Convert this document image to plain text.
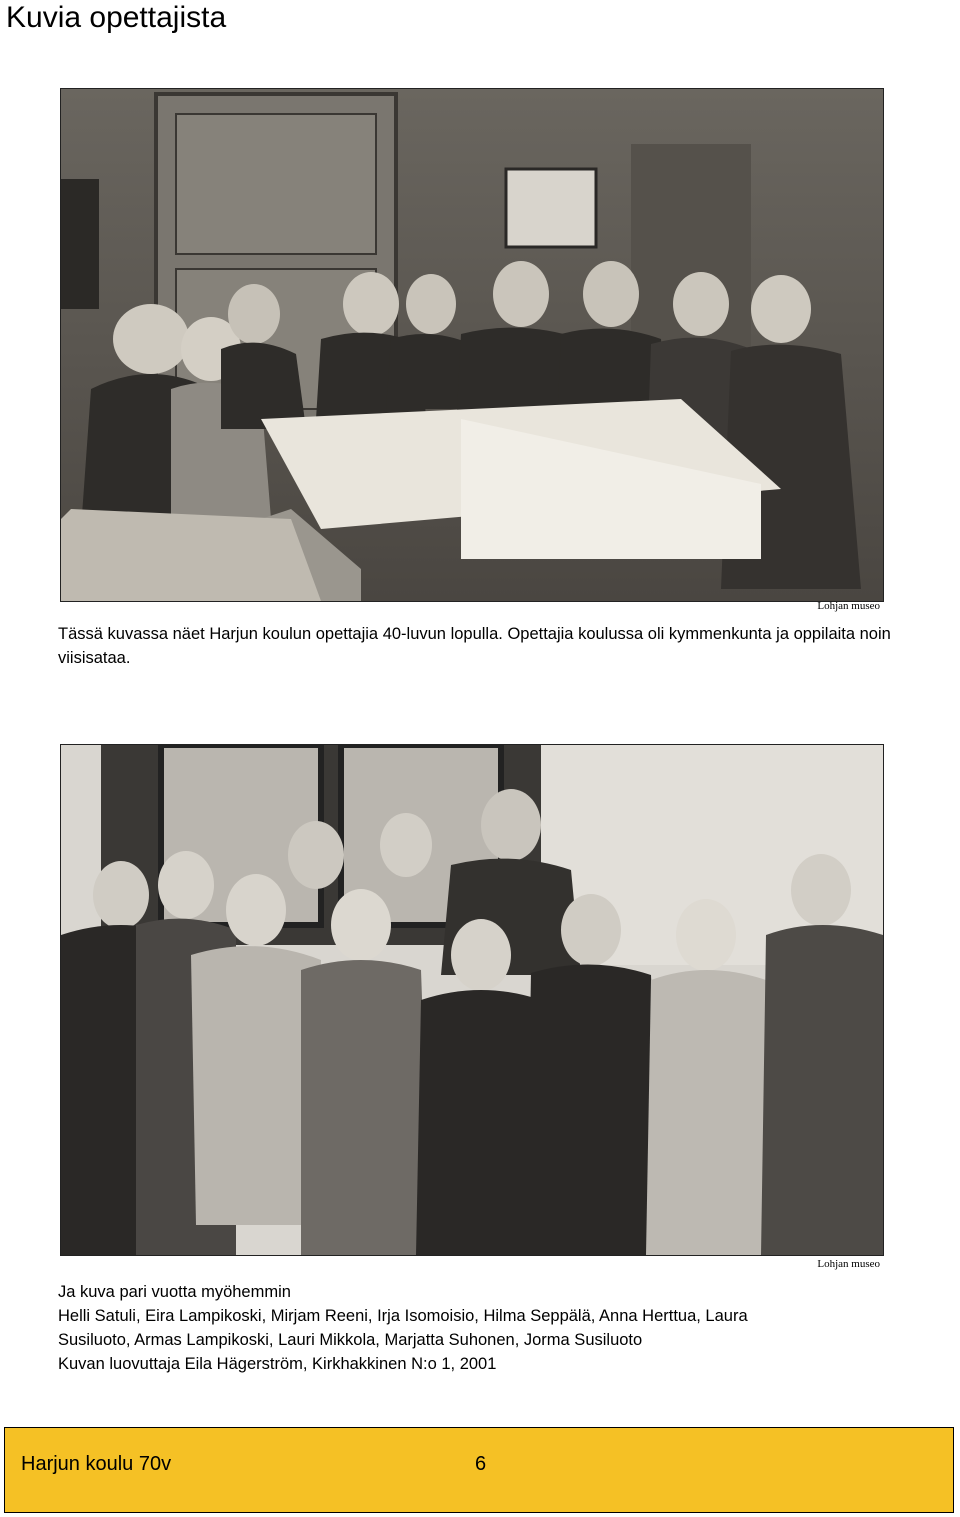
Kuvia opettajista
Lohjan museo

Tässä kuvassa näet Harjun koulun opettajia 40-luvun lopulla. Opettajia koulussa oli kymmenkunta ja oppilaita noin viisisataa.

Lohjan museo
Ja kuva pari vuotta myöhemmin
Helli Satuli, Eira Lampikoski, Mirjam Reeni, Irja Isomoisio, Hilma Seppälä, Anna Herttua, Laura
Susiluoto, Armas Lampikoski, Lauri Mikkola, Marjatta Suhonen, Jorma Susiluoto
Kuvan luovuttaja Eila Hägerström, Kirkhakkinen N:o 1, 2001
Harjun koulu 70v	6
